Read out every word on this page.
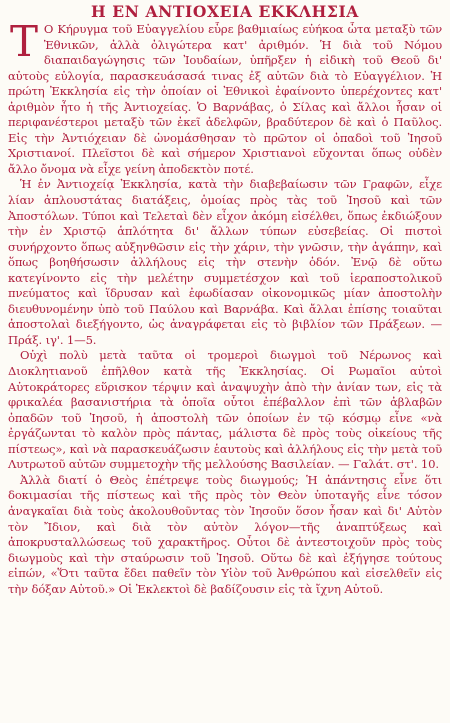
Η ΕΝ ΑΝΤΙΟΧΕΙΑ ΕΚΚΛΗΣΙΑ

Τ Ο Κήρυγμα τοῦ Εὐαγγελίου εὗρε βαθμιαίως εὐήκοα ὦτα μεταξὺ τῶν Ἐθνικῶν, ἀλλὰ ὀλιγώτερα κατ' ἀριθμόν. Ἡ διὰ τοῦ Νόμου διαπαιδαγώγησις τῶν Ἰουδαίων, ὑπῆρξεν ἡ εἰδικὴ τοῦ Θεοῦ δι' αὐτοὺς εὐλογία, παρασκευάσασά τινας ἐξ αὐτῶν διὰ τὸ Εὐαγγέλιον. Ἡ πρώτη Ἐκκλησία εἰς τὴν ὁποίαν οἱ Ἐθνικοὶ ἐφαίνοντο ὑπερέχοντες κατ' ἀριθμὸν ἦτο ἡ τῆς Ἀντιοχείας. Ὁ Βαρνάβας, ὁ Σίλας καὶ ἄλλοι ἦσαν οἱ περιφανέστεροι μεταξὺ τῶν ἐκεῖ ἀδελφῶν, βραδύτερον δὲ καὶ ὁ Παῦλος. Εἰς τὴν Ἀντιόχειαν δὲ ὠνομάσθησαν τὸ πρῶτον οἱ ὀπαδοὶ τοῦ Ἰησοῦ Χριστιανοί. Πλεῖστοι δὲ καὶ σήμερον Χριστιανοὶ εὔχονται ὅπως οὐδὲν ἄλλο ὄνομα νὰ εἶχε γείνη ἀποδεκτὸν ποτέ.

Ἡ ἐν Ἀντιοχείᾳ Ἐκκλησία, κατὰ τὴν διαβεβαίωσιν τῶν Γραφῶν, εἶχε λίαν ἁπλουστάτας διατάξεις, ὁμοίας πρὸς τὰς τοῦ Ἰησοῦ καὶ τῶν Ἀποστόλων. Τύποι καὶ Τελεταὶ δὲν εἶχον ἀκόμη εἰσέλθει, ὅπως ἐκδιώξουν τὴν ἐν Χριστῷ ἁπλότητα δι' ἄλλων τύπων εὐσεβείας. Οἱ πιστοὶ συνήρχοντο ὅπως αὐξηνθῶσιν εἰς τὴν χάριν, τὴν γνῶσιν, τὴν ἀγάπην, καὶ ὅπως βοηθήσωσιν ἀλλήλους εἰς τὴν στενὴν ὁδόν. Ἐνῷ δὲ οὕτω κατεγίνοντο εἰς τὴν μελέτην συμμετέσχον καὶ τοῦ ἱεραποστολικοῦ πνεύματος καὶ ἵδρυσαν καὶ ἐφωδίασαν οἰκονομικῶς μίαν ἀποστολὴν διευθυνομένην ὑπὸ τοῦ Παύλου καὶ Βαρνάβα. Καὶ ἄλλαι ἐπίσης τοιαῦται ἀποστολαὶ διεξήγοντο, ὡς ἀναγράφεται εἰς τὸ βιβλίον τῶν Πράξεων. — Πράξ. ιγ'. 1—5.

Οὐχὶ πολὺ μετὰ ταῦτα οἱ τρομεροὶ διωγμοὶ τοῦ Νέρωνος καὶ Διοκλητιανοῦ ἐπῆλθον κατὰ τῆς Ἐκκλησίας. Οἱ Ρωμαῖοι αὐτοὶ Αὐτοκράτορες εὕρισκον τέρψιν καὶ ἀναψυχὴν ἀπὸ τὴν ἀνίαν των, εἰς τὰ φρικαλέα βασανιστήρια τὰ ὁποῖα οὗτοι ἐπέβαλλον ἐπὶ τῶν ἀβλαβῶν ὀπαδῶν τοῦ Ἰησοῦ, ἡ ἀποστολὴ τῶν ὁποίων ἐν τῷ κόσμῳ εἶνε «νὰ ἐργάζωνται τὸ καλὸν πρὸς πάντας, μάλιστα δὲ πρὸς τοὺς οἰκείους τῆς πίστεως», καὶ νὰ παρασκευάζωσιν ἑαυτοὺς καὶ ἀλλήλους εἰς τὴν μετὰ τοῦ Λυτρωτοῦ αὐτῶν συμμετοχὴν τῆς μελλούσης Βασιλείαν. — Γαλάτ. στ'. 10.

Ἀλλὰ διατί ὁ Θεὸς ἐπέτρεψε τοὺς διωγμούς; Ἡ ἀπάντησις εἶνε ὅτι δοκιμασίαι τῆς πίστεως καὶ τῆς πρὸς τὸν Θεὸν ὑποταγῆς εἶνε τόσον ἀναγκαῖαι διὰ τοὺς ἀκολουθοῦντας τὸν Ἰησοῦν ὅσον ἦσαν καὶ δι' Αὐτὸν τὸν Ἴδιον, καὶ διὰ τὸν αὐτὸν λόγον—τῆς ἀναπτύξεως καὶ ἀποκρυσταλλώσεως τοῦ χαρακτῆρος. Οὗτοι δὲ ἀντεστοιχοῦν πρὸς τοὺς διωγμοὺς καὶ τὴν σταύρωσιν τοῦ Ἰησοῦ. Οὕτω δὲ καὶ ἐξήγησε τούτους εἰπών, «Ὅτι ταῦτα ἔδει παθεῖν τὸν Υἱὸν τοῦ Ἀνθρώπου καὶ εἰσελθεῖν εἰς τὴν δόξαν Αὐτοῦ.» Οἱ Ἐκλεκτοὶ δὲ βαδίζουσιν εἰς τὰ ἴχνη Αὐτοῦ.
